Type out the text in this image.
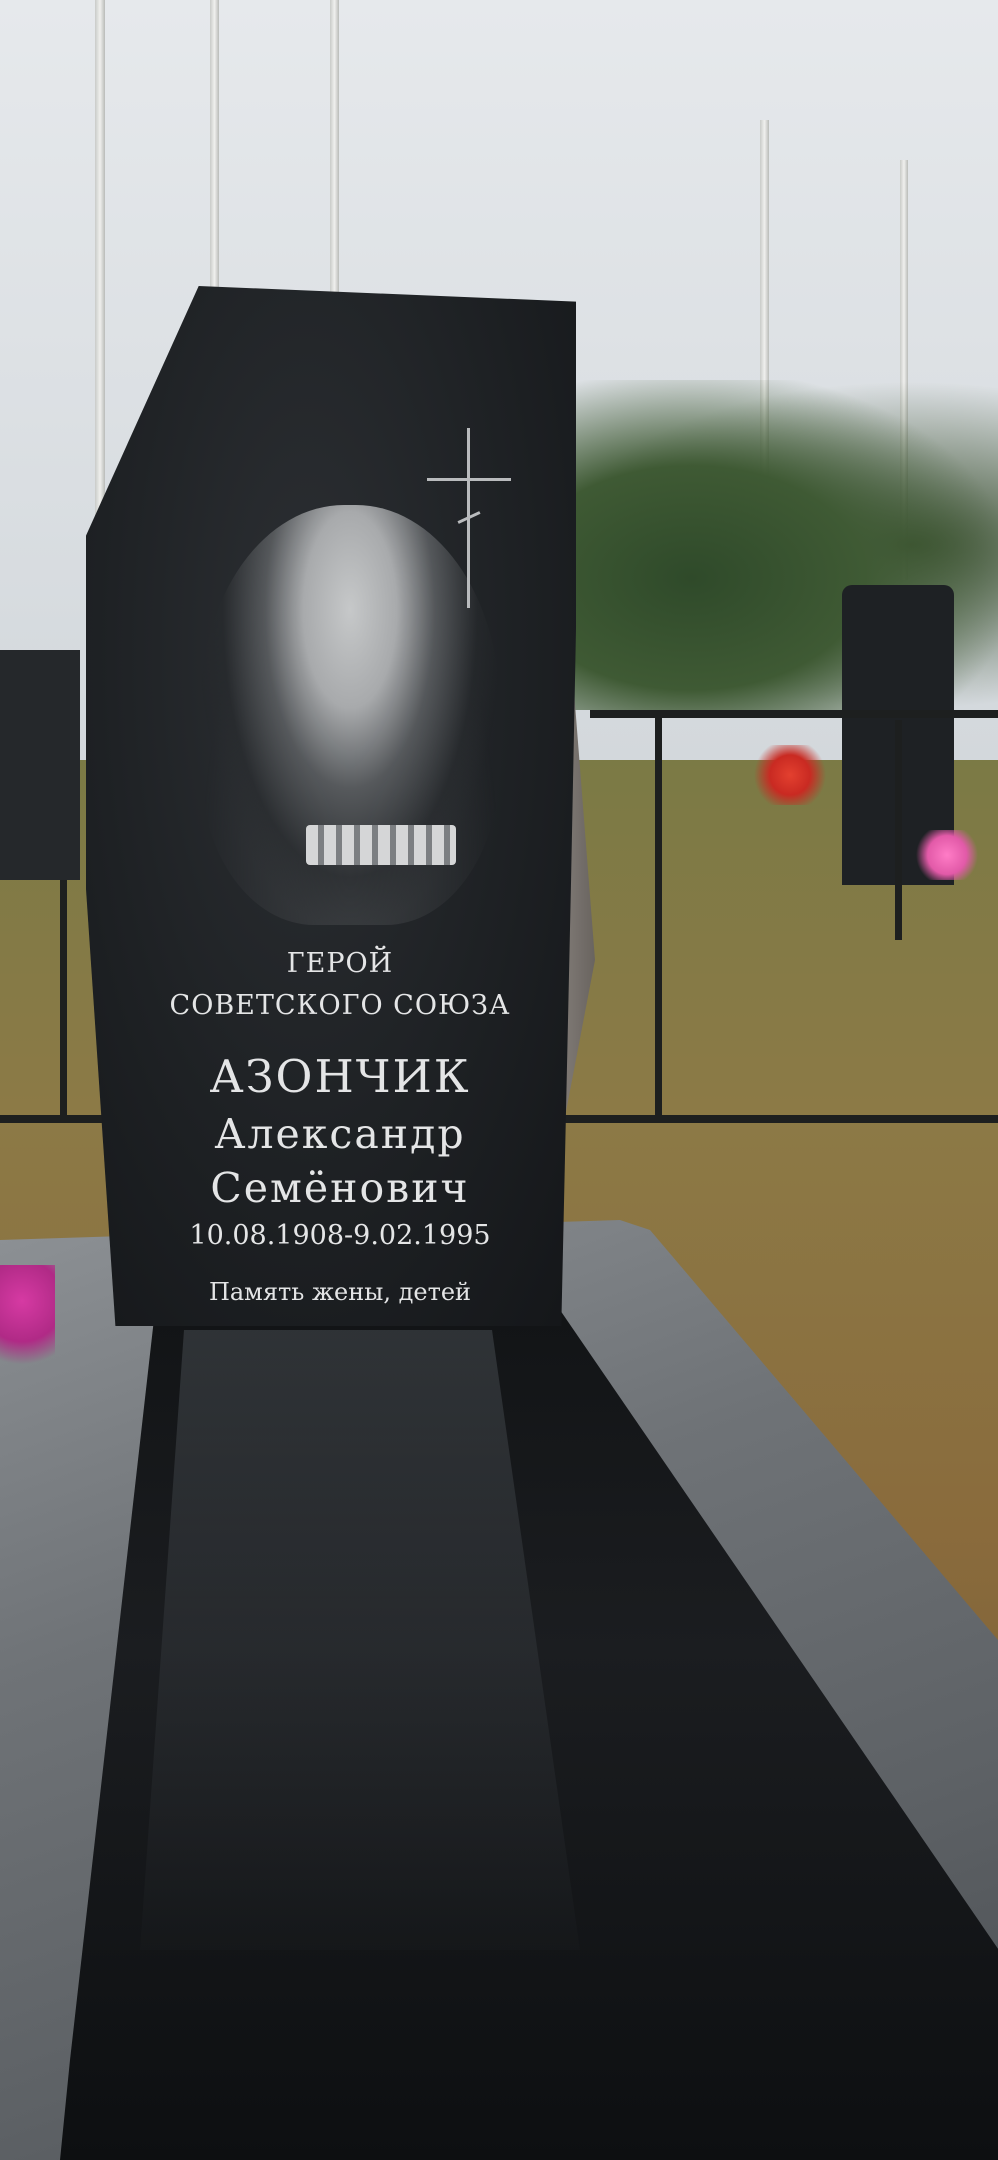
ГЕРОЙ
СОВЕТСКОГО СОЮЗА
АЗОНЧИК
Александр
Семёнович
10.08.1908-9.02.1995
Память жены, детей
